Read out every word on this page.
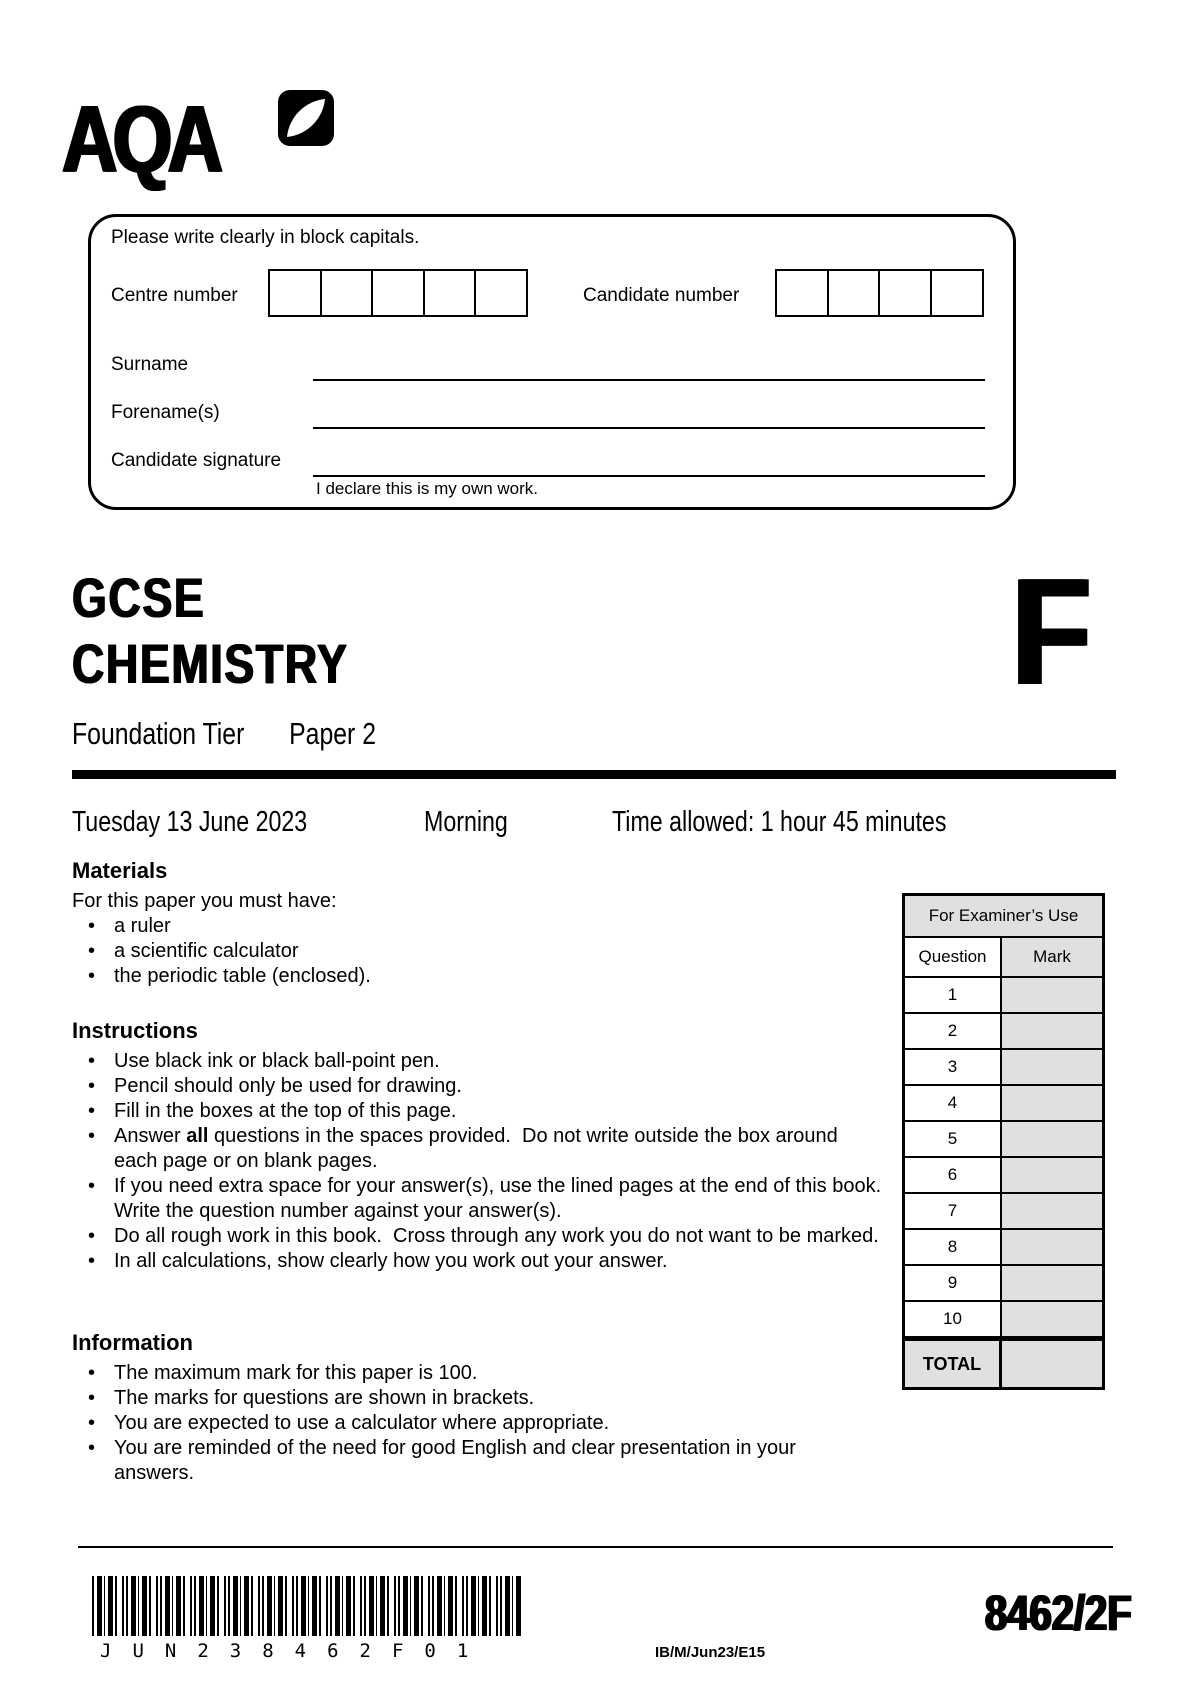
AQA
Please write clearly in block capitals.
Centre number	Candidate number
Surname
Forename(s)
Candidate signature
I declare this is my own work.
GCSE
CHEMISTRY	F
Foundation Tier Paper 2
Tuesday 13 June 2023	Morning	Time allowed: 1 hour 45 minutes
Materials

For this paper you must have:

• a ruler
• a scientific calculator
• the periodic table (enclosed).
Instructions
• Use black ink or black ball-point pen.
• Pencil should only be used for drawing.
• Fill in the boxes at the top of this page.
• Answer all questions in the spaces provided.  Do not write outside the box around each page or on blank pages.
• If you need extra space for your answer(s), use the lined pages at the end of this book.  Write the question number against your answer(s).
• Do all rough work in this book.  Cross through any work you do not want to be marked.
• In all calculations, show clearly how you work out your answer.
Information
• The maximum mark for this paper is 100.
• The marks for questions are shown in brackets.
• You are expected to use a calculator where appropriate.
• You are reminded of the need for good English and clear presentation in your answers.
For Examiner’s Use
Question	Mark
1
2
3
4
5
6
7
8
9
10
TOTAL
JUN238462F01	IB/M/Jun23/E15
8462/2F
